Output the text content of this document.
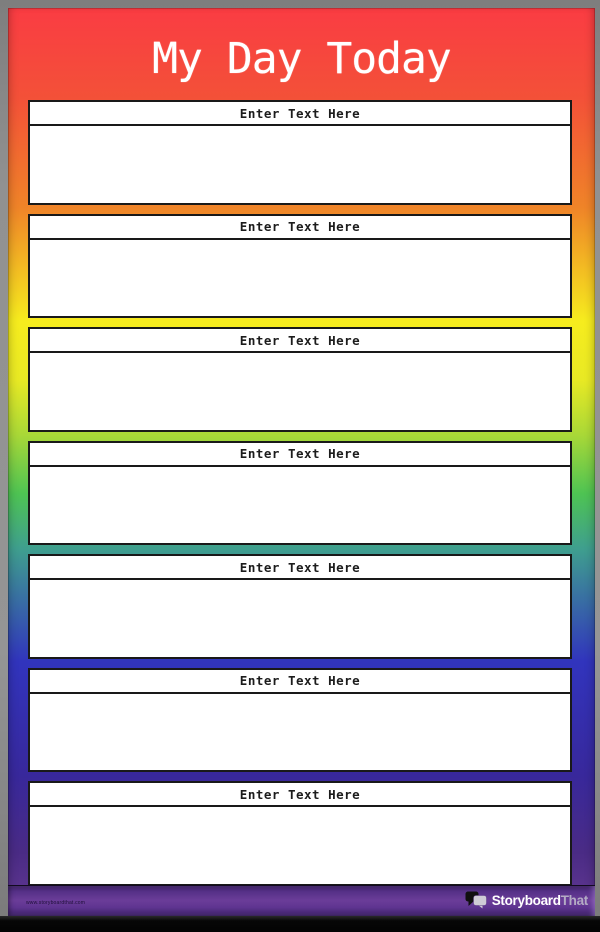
My Day Today
Enter Text Here
Enter Text Here
Enter Text Here
Enter Text Here
Enter Text Here
Enter Text Here
Enter Text Here
www.storyboardthat.com	StoryboardThat
